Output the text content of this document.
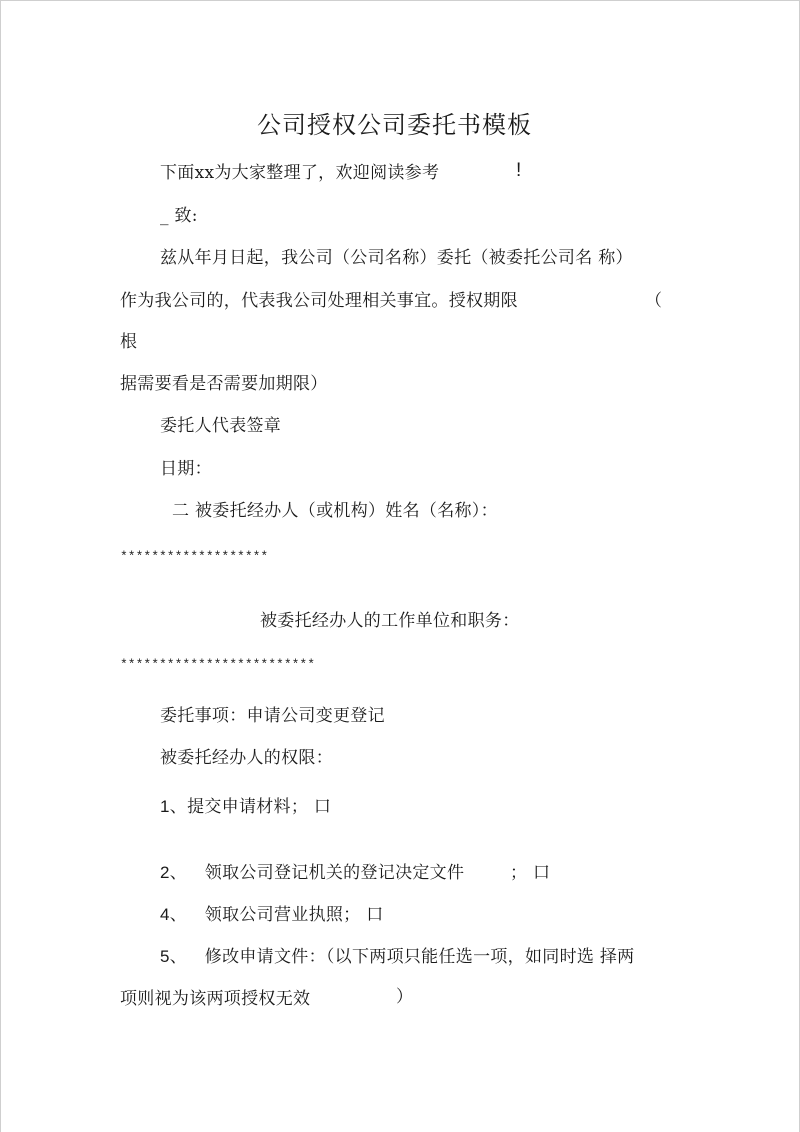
公司授权公司委托书模板
下面xx为大家整理了，欢迎阅读参考	!
_ 致:
兹从年月日起，我公司（公司名称）委托（被委托公司名 称）
作为我公司的，代表我公司处理相关事宜。授权期限	（
根
据需要看是否需要加期限）
委托人代表签章
日期：
二 被委托经办人（或机构）姓名（名称）：
*******************
被委托经办人的工作单位和职务：
*************************
委托事项：申请公司变更登记
被委托经办人的权限：
1、提交申请材料； 口
2、 领取公司登记机关的登记决定文件	； 口
4、 领取公司营业执照； 口
5、 修改申请文件：（以下两项只能任选一项，如同时选 择两
项则视为该两项授权无效	）
